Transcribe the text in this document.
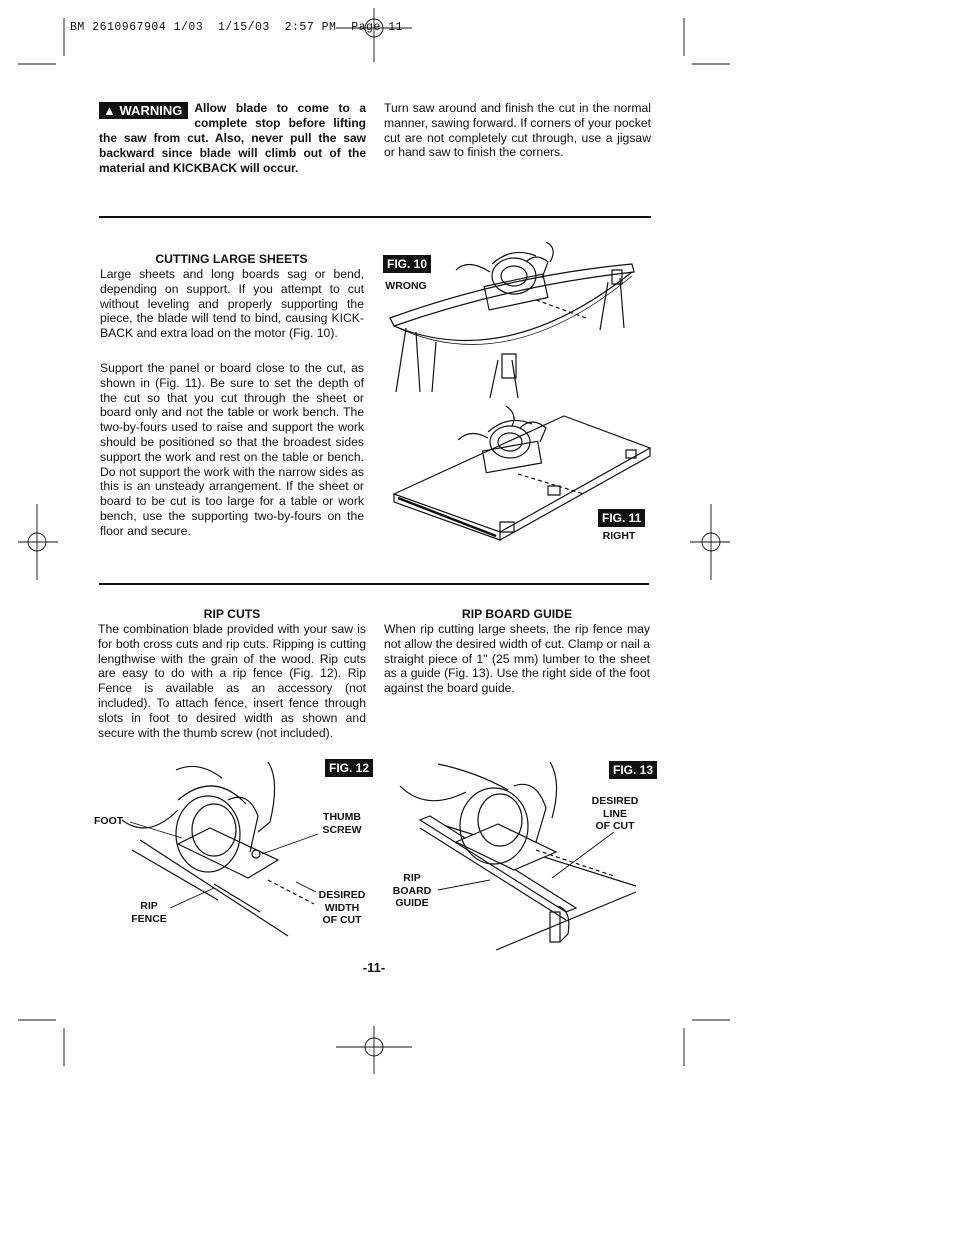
BM 2610967904 1/03  1/15/03  2:57 PM  Page 11
▲ WARNING	Allow blade to come to a complete stop before lifting the saw from cut. Also, never pull the saw backward since blade will climb out of the material and KICKBACK will occur.

Turn saw around and finish the cut in the normal manner, sawing forward. If corners of your pocket cut are not completely cut through, use a jigsaw or hand saw to finish the corners.

CUTTING LARGE SHEETS

Large sheets and long boards sag or bend, depending on support. If you attempt to cut without leveling and properly supporting the piece, the blade will tend to bind, causing KICK-BACK and extra load on the motor (Fig. 10).

Support the panel or board close to the cut, as shown in (Fig. 11). Be sure to set the depth of the cut so that you cut through the sheet or board only and not the table or work bench. The two-by-fours used to raise and support the work should be positioned so that the broadest sides support the work and rest on the table or bench. Do not support the work with the narrow sides as this is an unsteady arrangement. If the sheet or board to be cut is too large for a table or work bench, use the supporting two-by-fours on the floor and secure.

FIG. 10
WRONG
FIG. 11
RIGHT
RIP CUTS

The combination blade provided with your saw is for both cross cuts and rip cuts. Ripping is cutting lengthwise with the grain of the wood. Rip cuts are easy to do with a rip fence (Fig. 12). Rip Fence is available as an accessory (not included). To attach fence, insert fence through slots in foot to desired width as shown and secure with the thumb screw (not included).

RIP BOARD GUIDE

When rip cutting large sheets, the rip fence may not allow the desired width of cut. Clamp or nail a straight piece of 1" (25 mm) lumber to the sheet as a guide (Fig. 13). Use the right side of the foot against the board guide.

FIG. 12
FOOT	THUMB
SCREW
RIP
FENCE
DESIRED
WIDTH
OF CUT
FIG. 13
DESIRED
LINE
OF CUT
RIP
BOARD
GUIDE
-11-
